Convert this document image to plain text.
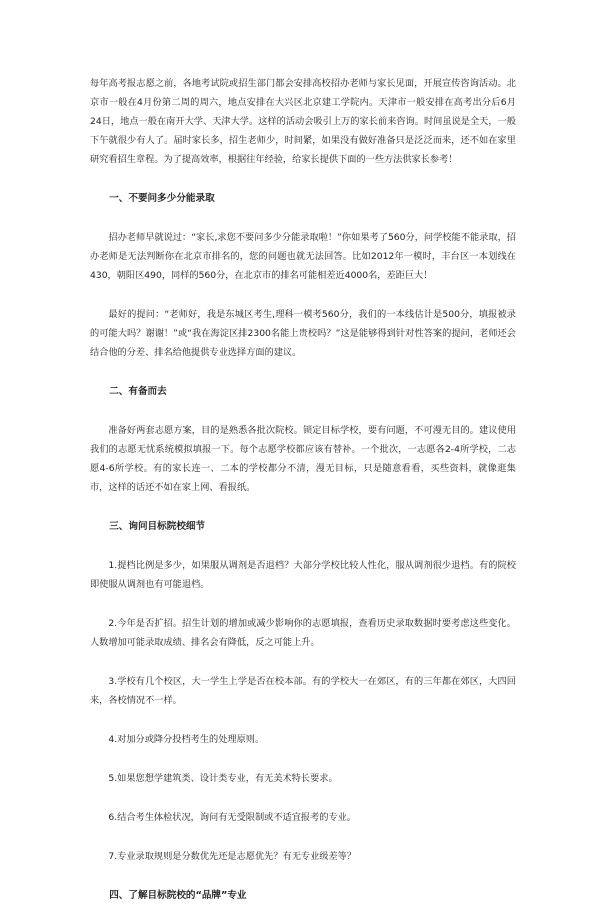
每年高考报志愿之前，各地考试院或招生部门都会安排高校招办老师与家长见面，开展宣传咨询活动。北京市一般在4月份第二周的周六，地点安排在大兴区北京建工学院内。天津市一般安排在高考出分后6月24日，地点一般在南开大学、天津大学。这样的活动会吸引上万的家长前来咨询。时间虽说是全天，一般下午就很少有人了。届时家长多，招生老师少，时间紧，如果没有做好准备只是泛泛而来，还不如在家里研究看招生章程。为了提高效率，根据往年经验，给家长提供下面的一些方法供家长参考！

一、不要问多少分能录取

招办老师早就说过：“家长,求您不要问多少分能录取啦！”你如果考了560分，问学校能不能录取，招办老师是无法判断你在北京市排名的，您的问题也就无法回答。比如2012年一模时，丰台区一本划线在430，朝阳区490，同样的560分，在北京市的排名可能相差近4000名，差距巨大！

最好的提问：“老师好，我是东城区考生,理科一模考560分，我们的一本线估计是500分，填报被录的可能大吗？谢谢！”或“我在海淀区排2300名能上贵校吗？”这是能够得到针对性答案的提问，老师还会结合他的分差、排名给他提供专业选择方面的建议。

二、有备而去

准备好两套志愿方案，目的是熟悉各批次院校。锁定目标学校，要有问题，不可漫无目的。建议使用我们的志愿无忧系统模拟填报一下。每个志愿学校都应该有替补。一个批次，一志愿各2-4所学校，二志愿4-6所学校。有的家长连一、二本的学校都分不清，漫无目标，只是随意看看，买些资料，就像逛集市，这样的话还不如在家上网、看报纸。

三、询问目标院校细节

1.提档比例是多少，如果服从调剂是否退档？大部分学校比较人性化，服从调剂很少退档。有的院校即使服从调剂也有可能退档。

2.今年是否扩招。招生计划的增加或减少影响你的志愿填报，查看历史录取数据时要考虑这些变化。人数增加可能录取成绩、排名会有降低，反之可能上升。

3.学校有几个校区，大一学生上学是否在校本部。有的学校大一在郊区，有的三年都在郊区，大四回来，各校情况不一样。

4.对加分或降分投档考生的处理原则。

5.如果您想学建筑类、设计类专业，有无美术特长要求。

6.结合考生体检状况，询问有无受限制或不适宜报考的专业。

7.专业录取规则是分数优先还是志愿优先？有无专业级差等？

四、了解目标院校的“品牌”专业
